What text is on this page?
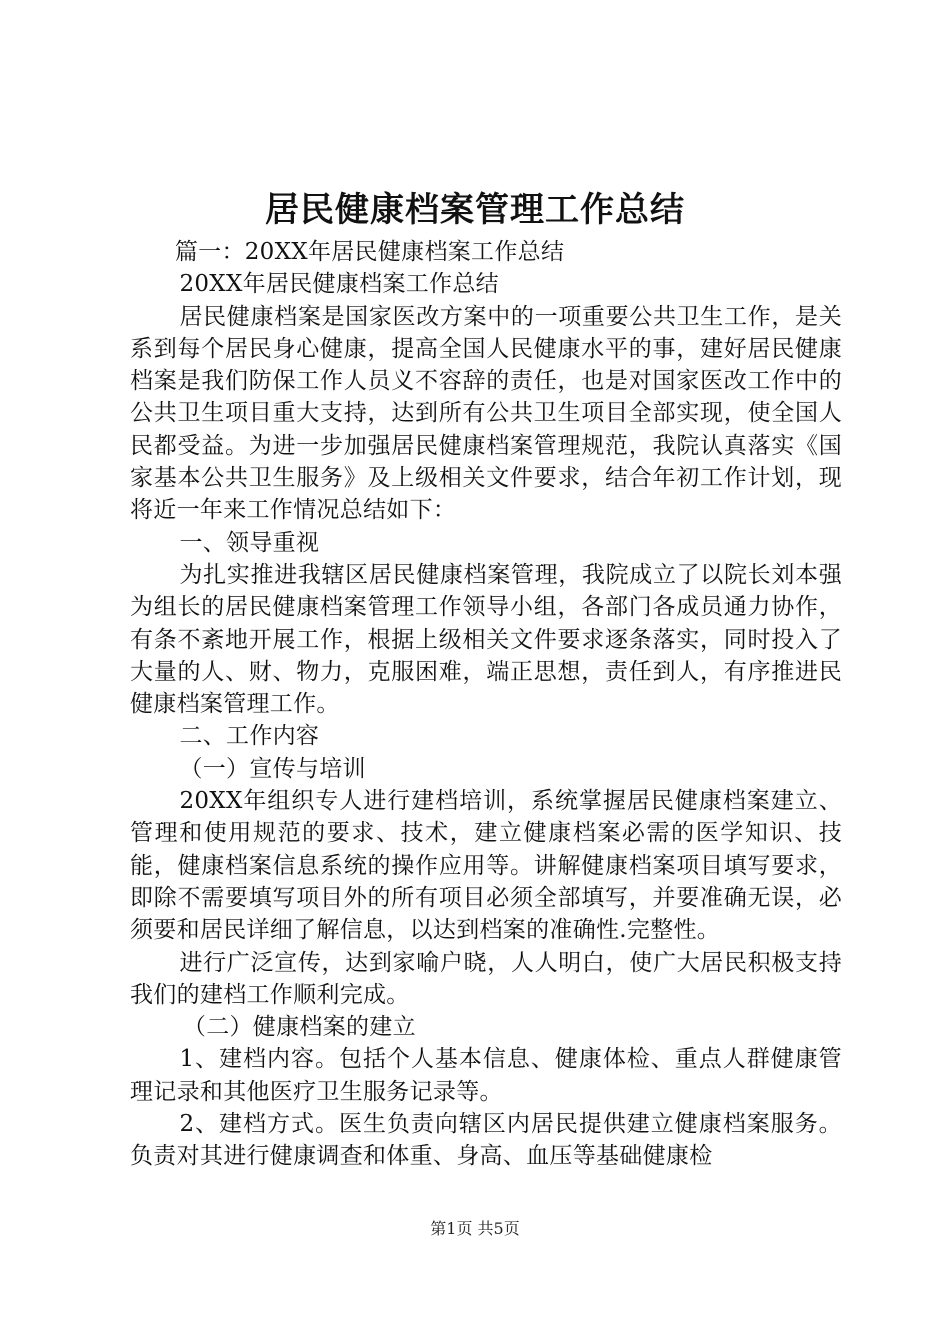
居民健康档案管理工作总结

篇一：20XX年居民健康档案工作总结

20XX年居民健康档案工作总结

居民健康档案是国家医改方案中的一项重要公共卫生工作，是关系到每个居民身心健康，提高全国人民健康水平的事，建好居民健康档案是我们防保工作人员义不容辞的责任，也是对国家医改工作中的公共卫生项目重大支持，达到所有公共卫生项目全部实现，使全国人民都受益。为进一步加强居民健康档案管理规范，我院认真落实《国家基本公共卫生服务》及上级相关文件要求，结合年初工作计划，现将近一年来工作情况总结如下：

一、领导重视

为扎实推进我辖区居民健康档案管理，我院成立了以院长刘本强为组长的居民健康档案管理工作领导小组，各部门各成员通力协作，有条不紊地开展工作，根据上级相关文件要求逐条落实，同时投入了大量的人、财、物力，克服困难，端正思想，责任到人，有序推进民健康档案管理工作。

二、工作内容

（一）宣传与培训

20XX年组织专人进行建档培训，系统掌握居民健康档案建立、管理和使用规范的要求、技术，建立健康档案必需的医学知识、技能，健康档案信息系统的操作应用等。讲解健康档案项目填写要求，即除不需要填写项目外的所有项目必须全部填写，并要准确无误，必须要和居民详细了解信息，以达到档案的准确性.完整性。

进行广泛宣传，达到家喻户晓，人人明白，使广大居民积极支持我们的建档工作顺利完成。

（二）健康档案的建立

1、建档内容。包括个人基本信息、健康体检、重点人群健康管理记录和其他医疗卫生服务记录等。

2、建档方式。医生负责向辖区内居民提供建立健康档案服务。负责对其进行健康调查和体重、身高、血压等基础健康检

第1页 共5页
